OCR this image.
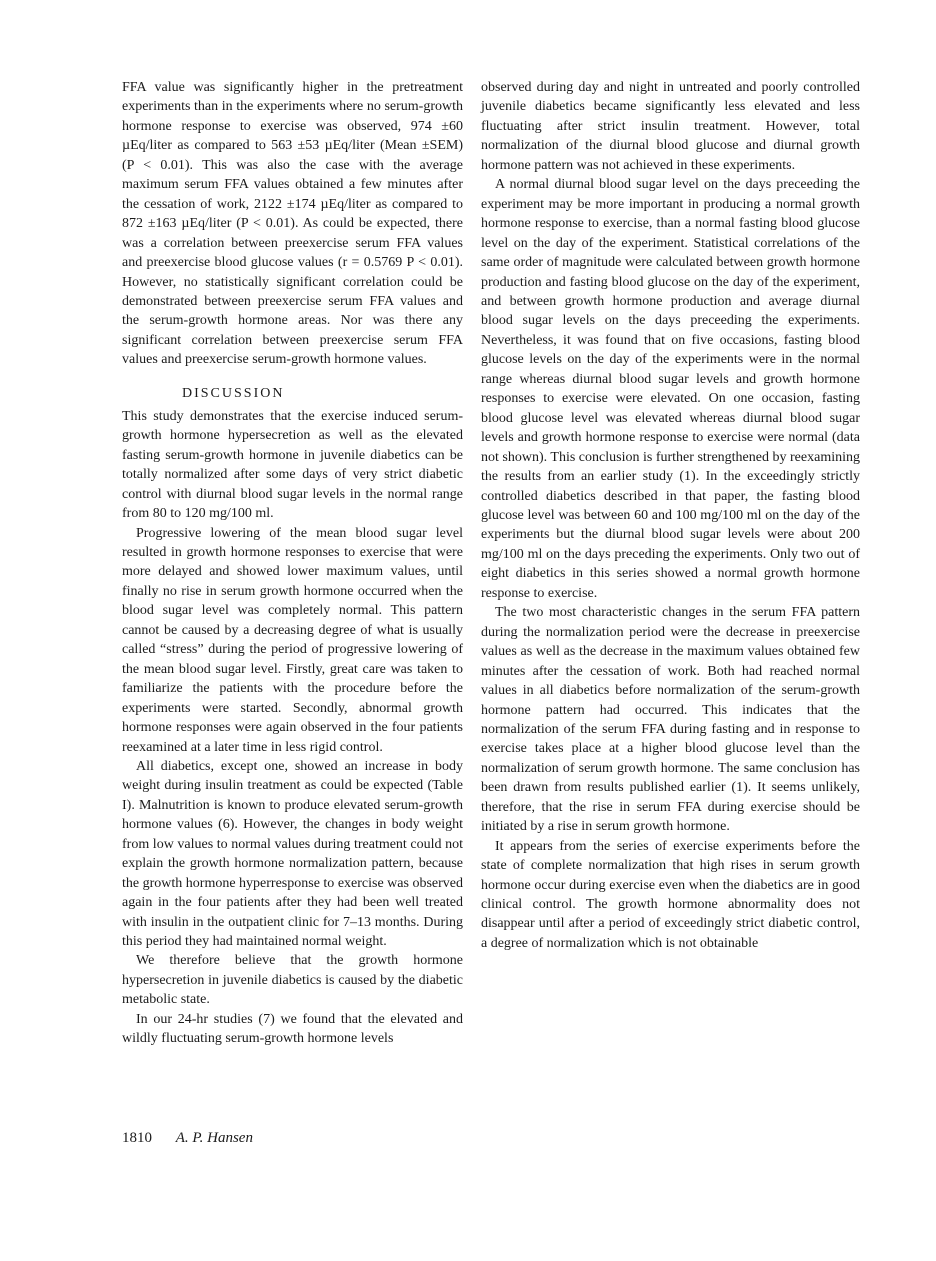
FFA value was significantly higher in the pretreatment experiments than in the experiments where no serum-growth hormone response to exercise was observed, 974 ±60 µEq/liter as compared to 563 ±53 µEq/liter (Mean ±SEM) (P < 0.01). This was also the case with the average maximum serum FFA values obtained a few minutes after the cessation of work, 2122 ±174 µEq/liter as compared to 872 ±163 µEq/liter (P < 0.01). As could be expected, there was a correlation between preexercise serum FFA values and preexercise blood glucose values (r = 0.5769 P < 0.01). However, no statistically significant correlation could be demonstrated between preexercise serum FFA values and the serum-growth hormone areas. Nor was there any significant correlation between preexercise serum FFA values and preexercise serum-growth hormone values.

DISCUSSION

This study demonstrates that the exercise induced serum-growth hormone hypersecretion as well as the elevated fasting serum-growth hormone in juvenile diabetics can be totally normalized after some days of very strict diabetic control with diurnal blood sugar levels in the normal range from 80 to 120 mg/100 ml.

Progressive lowering of the mean blood sugar level resulted in growth hormone responses to exercise that were more delayed and showed lower maximum values, until finally no rise in serum growth hormone occurred when the blood sugar level was completely normal. This pattern cannot be caused by a decreasing degree of what is usually called “stress” during the period of progressive lowering of the mean blood sugar level. Firstly, great care was taken to familiarize the patients with the procedure before the experiments were started. Secondly, abnormal growth hormone responses were again observed in the four patients reexamined at a later time in less rigid control.

All diabetics, except one, showed an increase in body weight during insulin treatment as could be expected (Table I). Malnutrition is known to produce elevated serum-growth hormone values (6). However, the changes in body weight from low values to normal values during treatment could not explain the growth hormone normalization pattern, because the growth hormone hyperresponse to exercise was observed again in the four patients after they had been well treated with insulin in the outpatient clinic for 7–13 months. During this period they had maintained normal weight.

We therefore believe that the growth hormone hypersecretion in juvenile diabetics is caused by the diabetic metabolic state.

In our 24-hr studies (7) we found that the elevated and wildly fluctuating serum-growth hormone levels

observed during day and night in untreated and poorly controlled juvenile diabetics became significantly less elevated and less fluctuating after strict insulin treatment. However, total normalization of the diurnal blood glucose and diurnal growth hormone pattern was not achieved in these experiments.

A normal diurnal blood sugar level on the days preceeding the experiment may be more important in producing a normal growth hormone response to exercise, than a normal fasting blood glucose level on the day of the experiment. Statistical correlations of the same order of magnitude were calculated between growth hormone production and fasting blood glucose on the day of the experiment, and between growth hormone production and average diurnal blood sugar levels on the days preceeding the experiments. Nevertheless, it was found that on five occasions, fasting blood glucose levels on the day of the experiments were in the normal range whereas diurnal blood sugar levels and growth hormone responses to exercise were elevated. On one occasion, fasting blood glucose level was elevated whereas diurnal blood sugar levels and growth hormone response to exercise were normal (data not shown). This conclusion is further strengthened by reexamining the results from an earlier study (1). In the exceedingly strictly controlled diabetics described in that paper, the fasting blood glucose level was between 60 and 100 mg/100 ml on the day of the experiments but the diurnal blood sugar levels were about 200 mg/100 ml on the days preceding the experiments. Only two out of eight diabetics in this series showed a normal growth hormone response to exercise.

The two most characteristic changes in the serum FFA pattern during the normalization period were the decrease in preexercise values as well as the decrease in the maximum values obtained few minutes after the cessation of work. Both had reached normal values in all diabetics before normalization of the serum-growth hormone pattern had occurred. This indicates that the normalization of the serum FFA during fasting and in response to exercise takes place at a higher blood glucose level than the normalization of serum growth hormone. The same conclusion has been drawn from results published earlier (1). It seems unlikely, therefore, that the rise in serum FFA during exercise should be initiated by a rise in serum growth hormone.

It appears from the series of exercise experiments before the state of complete normalization that high rises in serum growth hormone occur during exercise even when the diabetics are in good clinical control. The growth hormone abnormality does not disappear until after a period of exceedingly strict diabetic control, a degree of normalization which is not obtainable

1810 A. P. Hansen
